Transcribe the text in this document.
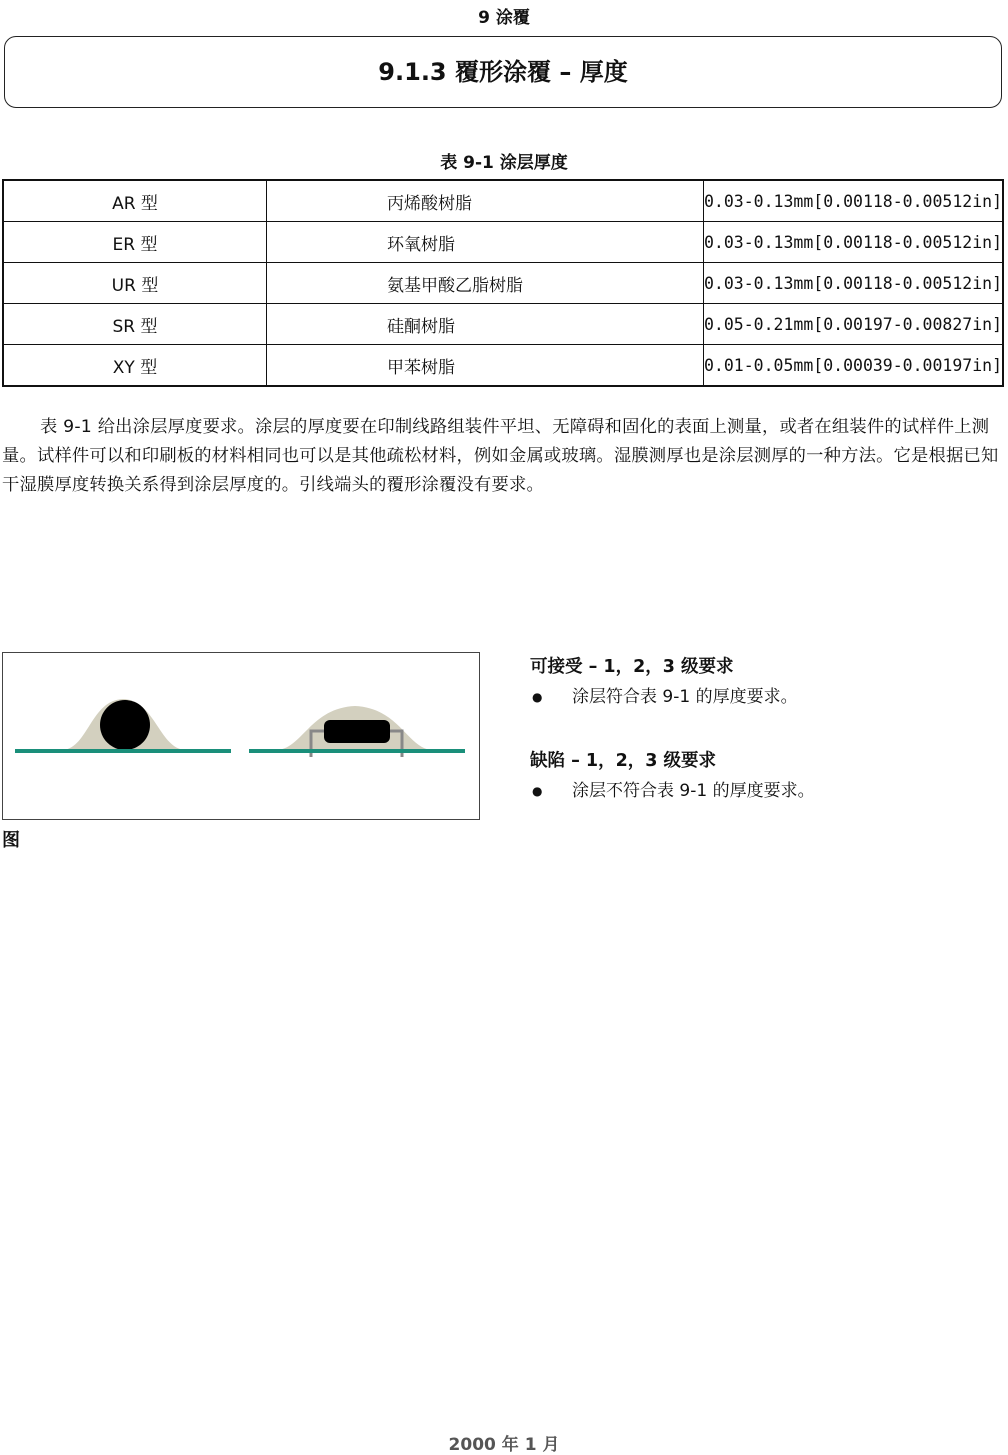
9 涂覆
9.1.3 覆形涂覆 – 厚度
表 9-1 涂层厚度
AR 型	丙烯酸树脂	0.03-0.13mm[0.00118-0.00512in]
ER 型	环氧树脂	0.03-0.13mm[0.00118-0.00512in]
UR 型	氨基甲酸乙脂树脂	0.03-0.13mm[0.00118-0.00512in]
SR 型	硅酮树脂	0.05-0.21mm[0.00197-0.00827in]
XY 型	甲苯树脂	0.01-0.05mm[0.00039-0.00197in]

表 9-1 给出涂层厚度要求。涂层的厚度要在印制线路组装件平坦、无障碍和固化的表面上测量，或者在组装件的试样件上测量。试样件可以和印刷板的材料相同也可以是其他疏松材料，例如金属或玻璃。湿膜测厚也是涂层测厚的一种方法。它是根据已知干湿膜厚度转换关系得到涂层厚度的。引线端头的覆形涂覆没有要求。

图
可接受 – 1，2，3 级要求
● 涂层符合表 9-1 的厚度要求。
缺陷 – 1，2，3 级要求
● 涂层不符合表 9-1 的厚度要求。
2000 年 1 月
